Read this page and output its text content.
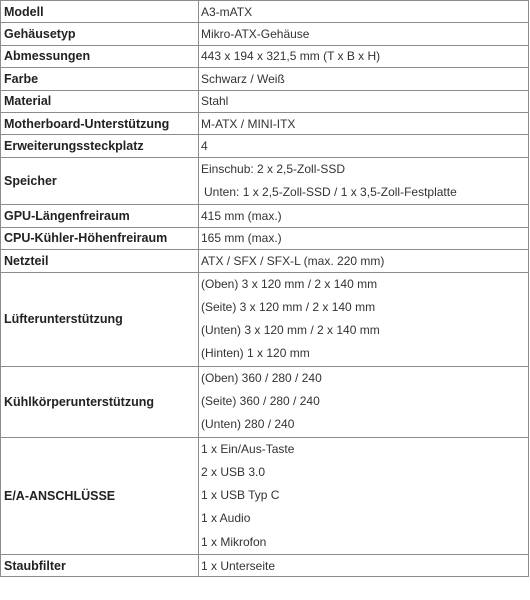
Modell	A3-mATX
Gehäusetyp	Mikro-ATX-Gehäuse
Abmessungen	443 x 194 x 321,5 mm (T x B x H)
Farbe	Schwarz / Weiß
Material	Stahl
Motherboard-Unterstützung	M-ATX / MINI-ITX
Erweiterungssteckplatz	4
Speicher	Einschub: 2 x 2,5-Zoll-SSD
Unten: 1 x 2,5-Zoll-SSD / 1 x 3,5-Zoll-Festplatte

GPU-Längenfreiraum	415 mm (max.)
CPU-Kühler-Höhenfreiraum	165 mm (max.)
Netzteil	ATX / SFX / SFX-L (max. 220 mm)
Lüfterunterstützung	(Oben) 3 x 120 mm / 2 x 140 mm
(Seite) 3 x 120 mm / 2 x 140 mm
(Unten) 3 x 120 mm / 2 x 140 mm
(Hinten) 1 x 120 mm

Kühlkörperunterstützung	(Oben) 360 / 280 / 240
(Seite) 360 / 280 / 240
(Unten) 280 / 240

E/A-ANSCHLÜSSE	1 x Ein/Aus-Taste
2 x USB 3.0
1 x USB Typ C
1 x Audio
1 x Mikrofon

Staubfilter	1 x Unterseite
